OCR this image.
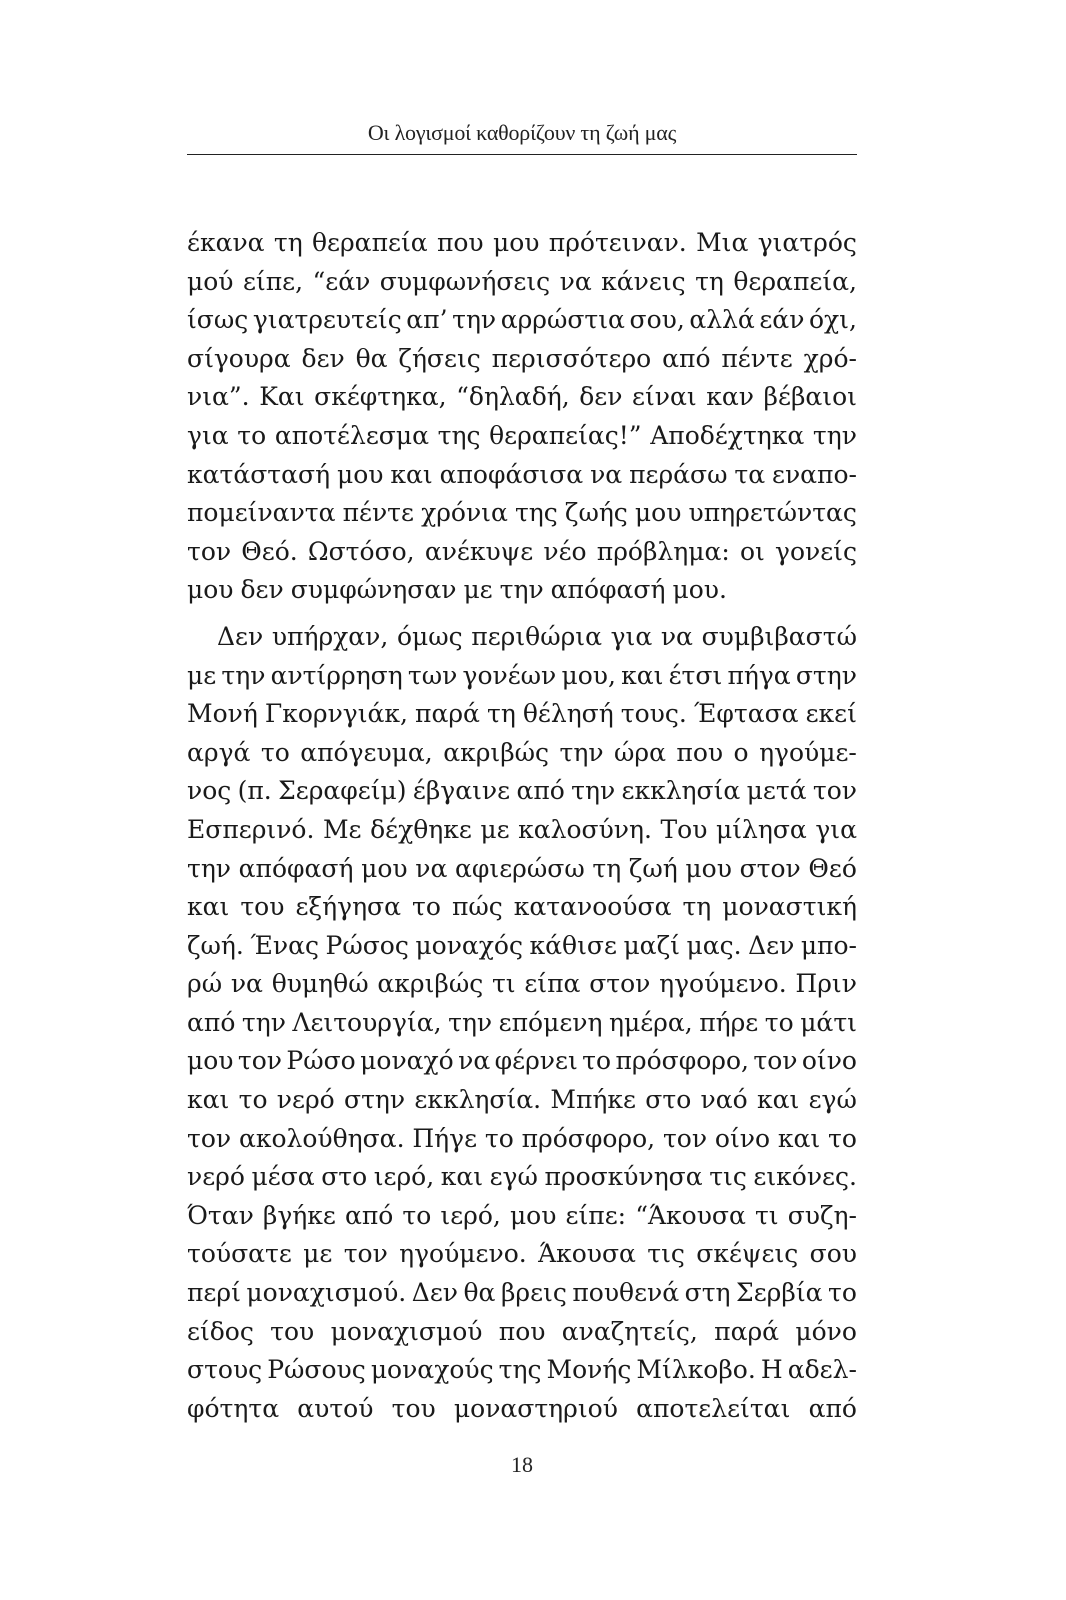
Οι λογισμοί καθορίζουν τη ζωή μας
έκανα τη θεραπεία που μου πρότειναν. Μια γιατρός
μού είπε, “εάν συμφωνήσεις να κάνεις τη θεραπεία,
ίσως γιατρευτείς απ’ την αρρώστια σου, αλλά εάν όχι,
σίγουρα δεν θα ζήσεις περισσότερο από πέντε χρό-
νια”. Και σκέφτηκα, “δηλαδή, δεν είναι καν βέβαιοι
για το αποτέλεσμα της θεραπείας!” Αποδέχτηκα την
κατάστασή μου και αποφάσισα να περάσω τα εναπο-
πομείναντα πέντε χρόνια της ζωής μου υπηρετώντας
τον Θεό. Ωστόσο, ανέκυψε νέο πρόβλημα: οι γονείς
μου δεν συμφώνησαν με την απόφασή μου.
Δεν υπήρχαν, όμως περιθώρια για να συμβιβαστώ
με την αντίρρηση των γονέων μου, και έτσι πήγα στην
Μονή Γκορνγιάκ, παρά τη θέλησή τους. Έφτασα εκεί
αργά το απόγευμα, ακριβώς την ώρα που ο ηγούμε-
νος (π. Σεραφείμ) έβγαινε από την εκκλησία μετά τον
Εσπερινό. Με δέχθηκε με καλοσύνη. Του μίλησα για
την απόφασή μου να αφιερώσω τη ζωή μου στον Θεό
και του εξήγησα το πώς κατανοούσα τη μοναστική
ζωή. Ένας Ρώσος μοναχός κάθισε μαζί μας. Δεν μπο-
ρώ να θυμηθώ ακριβώς τι είπα στον ηγούμενο. Πριν
από την Λειτουργία, την επόμενη ημέρα, πήρε το μάτι
μου τον Ρώσο μοναχό να φέρνει το πρόσφορο, τον οίνο
και το νερό στην εκκλησία. Μπήκε στο ναό και εγώ
τον ακολούθησα. Πήγε το πρόσφορο, τον οίνο και το
νερό μέσα στο ιερό, και εγώ προσκύνησα τις εικόνες.
Όταν βγήκε από το ιερό, μου είπε: “Άκουσα τι συζη-
τούσατε με τον ηγούμενο. Άκουσα τις σκέψεις σου
περί μοναχισμού. Δεν θα βρεις πουθενά στη Σερβία το
είδος του μοναχισμού που αναζητείς, παρά μόνο
στους Ρώσους μοναχούς της Μονής Μίλκοβο. Η αδελ-
φότητα αυτού του μοναστηριού αποτελείται από
18
